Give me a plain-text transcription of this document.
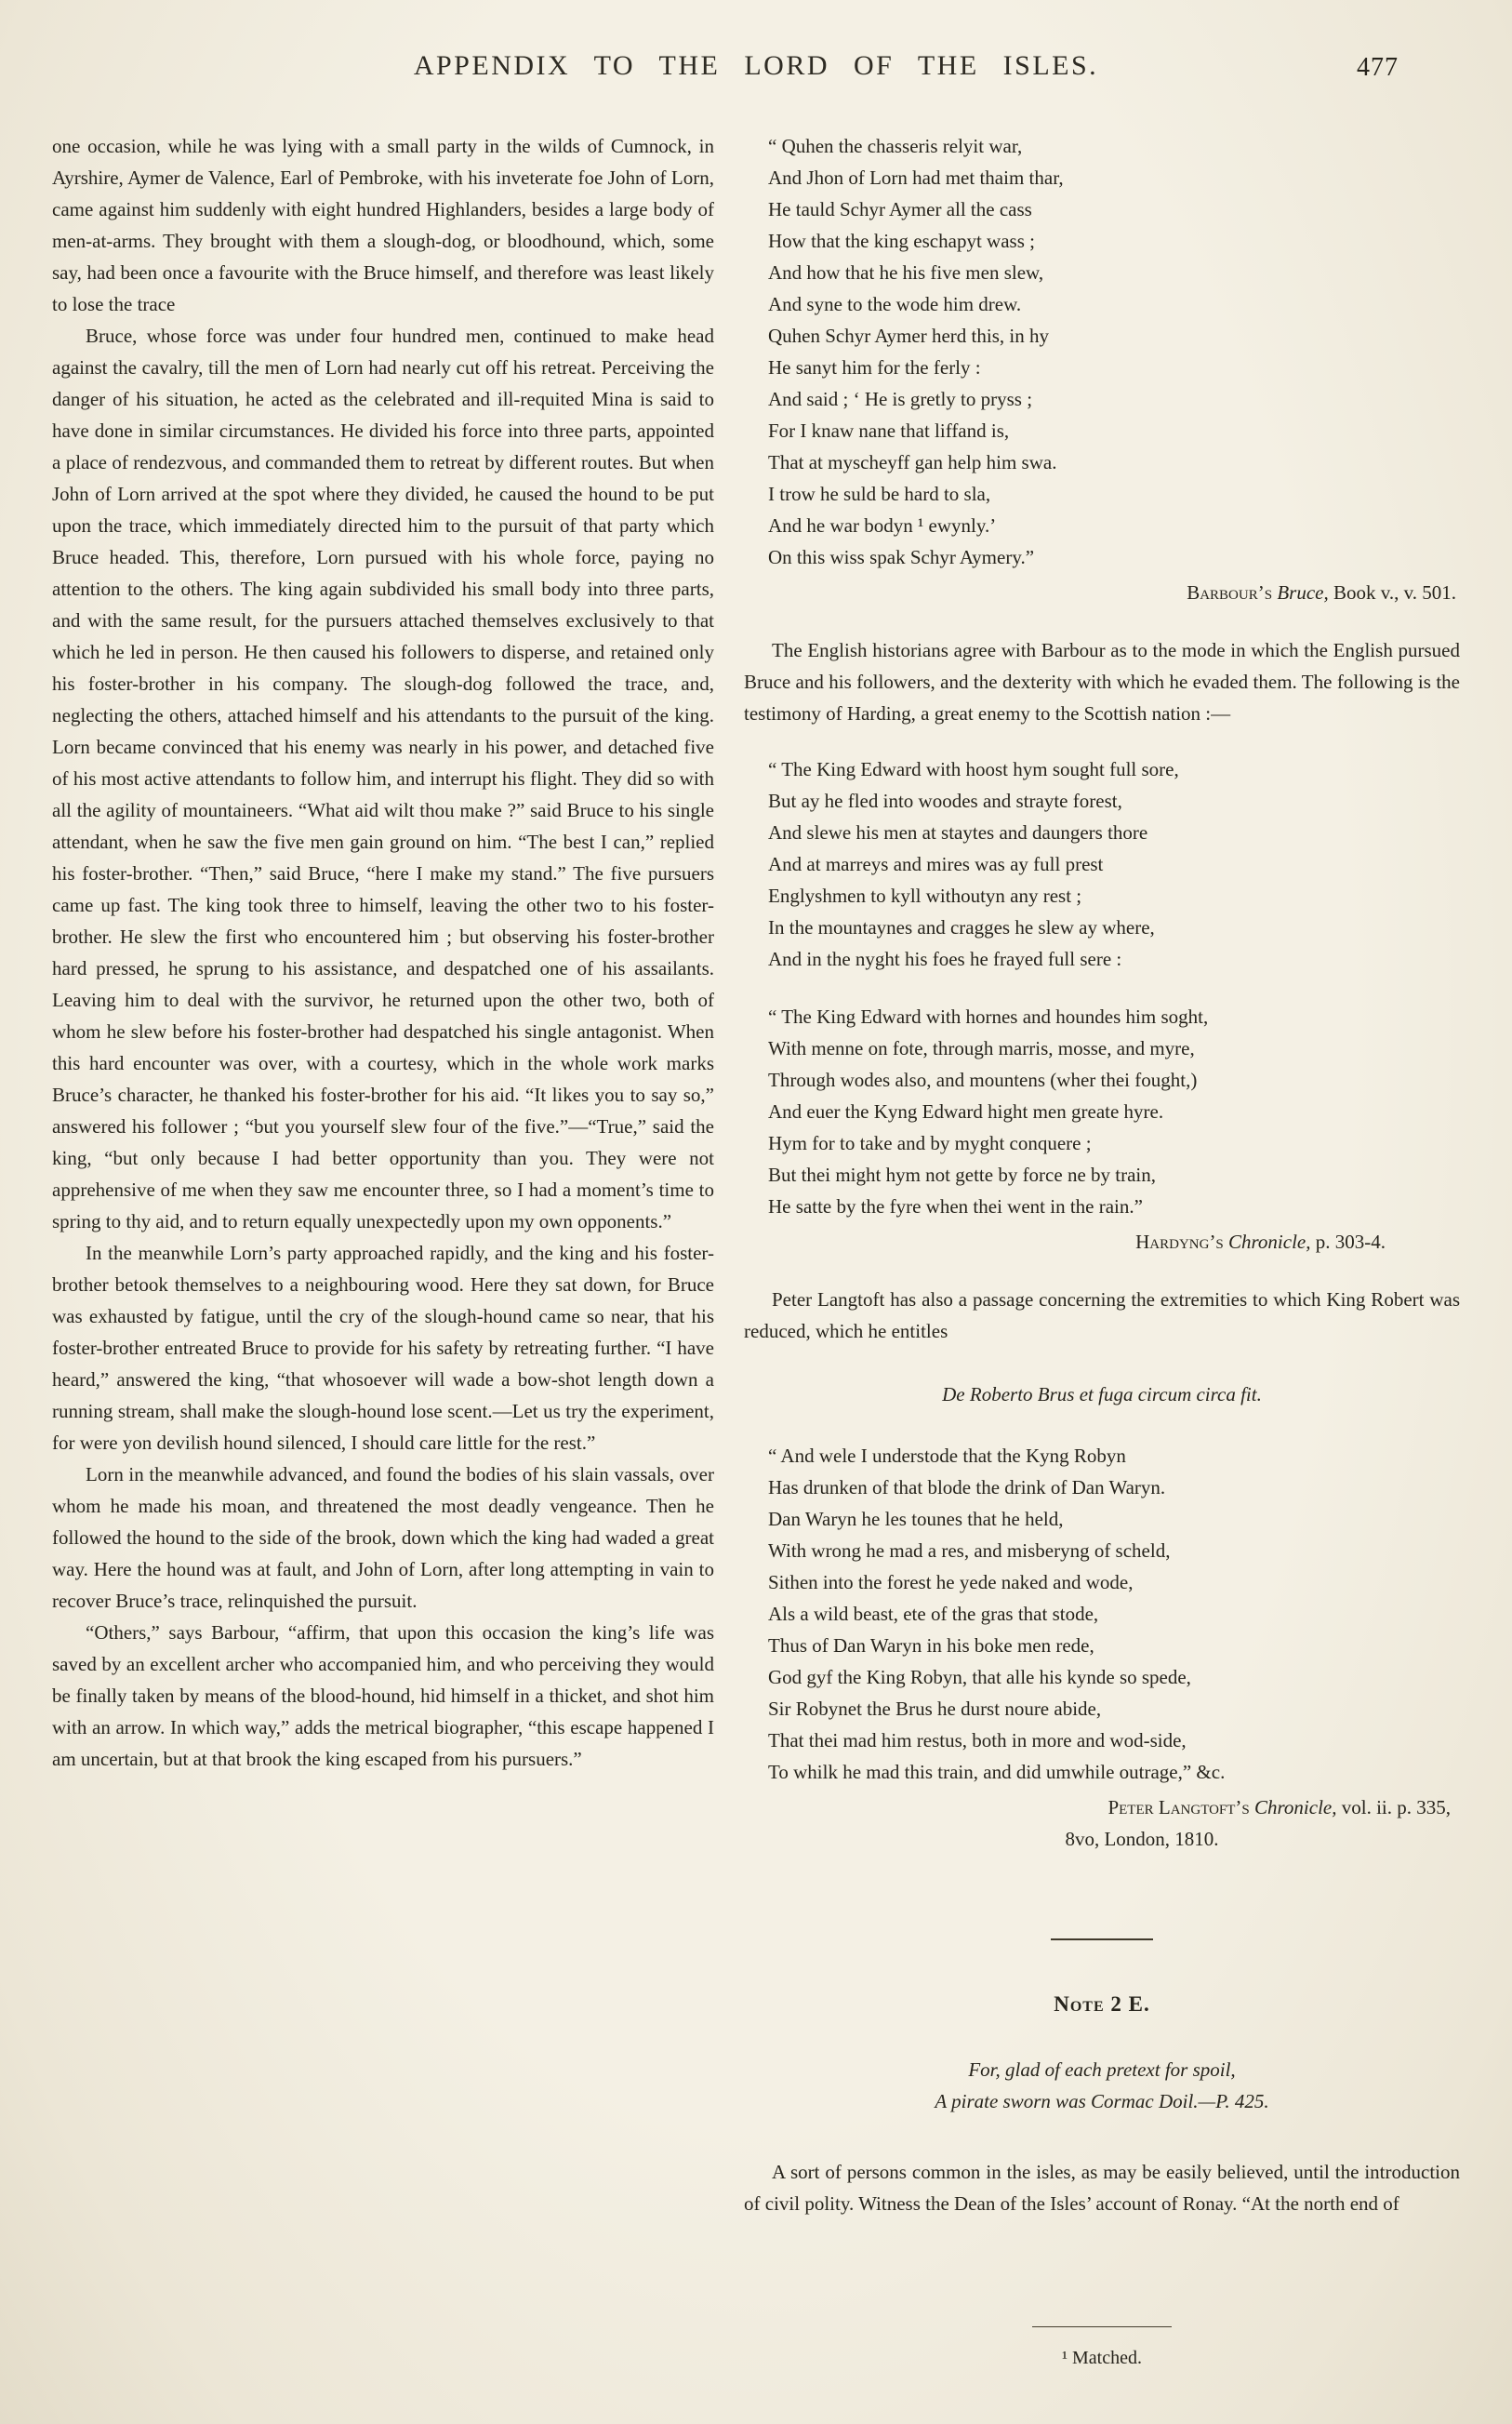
APPENDIX TO THE LORD OF THE ISLES.	477

one occasion, while he was lying with a small party in the wilds of Cumnock, in Ayrshire, Aymer de Valence, Earl of Pembroke, with his inveterate foe John of Lorn, came against him suddenly with eight hundred Highlanders, besides a large body of men-at-arms. They brought with them a slough-dog, or bloodhound, which, some say, had been once a favourite with the Bruce himself, and therefore was least likely to lose the trace

Bruce, whose force was under four hundred men, continued to make head against the cavalry, till the men of Lorn had nearly cut off his retreat. Perceiving the danger of his situation, he acted as the celebrated and ill-requited Mina is said to have done in similar circumstances. He divided his force into three parts, appointed a place of rendezvous, and commanded them to retreat by different routes. But when John of Lorn arrived at the spot where they divided, he caused the hound to be put upon the trace, which immediately directed him to the pursuit of that party which Bruce headed. This, therefore, Lorn pursued with his whole force, paying no attention to the others. The king again subdivided his small body into three parts, and with the same result, for the pursuers attached themselves exclusively to that which he led in person. He then caused his followers to disperse, and retained only his foster-brother in his company. The slough-dog followed the trace, and, neglecting the others, attached himself and his attendants to the pursuit of the king. Lorn became convinced that his enemy was nearly in his power, and detached five of his most active attendants to follow him, and interrupt his flight. They did so with all the agility of mountaineers. “What aid wilt thou make ?” said Bruce to his single attendant, when he saw the five men gain ground on him. “The best I can,” replied his foster-brother. “Then,” said Bruce, “here I make my stand.” The five pursuers came up fast. The king took three to himself, leaving the other two to his foster-brother. He slew the first who encountered him ; but observing his foster-brother hard pressed, he sprung to his assistance, and despatched one of his assailants. Leaving him to deal with the survivor, he returned upon the other two, both of whom he slew before his foster-brother had despatched his single antagonist. When this hard encounter was over, with a courtesy, which in the whole work marks Bruce’s character, he thanked his foster-brother for his aid. “It likes you to say so,” answered his follower ; “but you yourself slew four of the five.”—“True,” said the king, “but only because I had better opportunity than you. They were not apprehensive of me when they saw me encounter three, so I had a moment’s time to spring to thy aid, and to return equally unexpectedly upon my own opponents.”

In the meanwhile Lorn’s party approached rapidly, and the king and his foster-brother betook themselves to a neighbouring wood. Here they sat down, for Bruce was exhausted by fatigue, until the cry of the slough-hound came so near, that his foster-brother entreated Bruce to provide for his safety by retreating further. “I have heard,” answered the king, “that whosoever will wade a bow-shot length down a running stream, shall make the slough-hound lose scent.—Let us try the experiment, for were yon devilish hound silenced, I should care little for the rest.”

Lorn in the meanwhile advanced, and found the bodies of his slain vassals, over whom he made his moan, and threatened the most deadly vengeance. Then he followed the hound to the side of the brook, down which the king had waded a great way. Here the hound was at fault, and John of Lorn, after long attempting in vain to recover Bruce’s trace, relinquished the pursuit.

“Others,” says Barbour, “affirm, that upon this occasion the king’s life was saved by an excellent archer who accompanied him, and who perceiving they would be finally taken by means of the blood-hound, hid himself in a thicket, and shot him with an arrow. In which way,” adds the metrical biographer, “this escape happened I am uncertain, but at that brook the king escaped from his pursuers.”

“ Quhen the chasseris relyit war,
And Jhon of Lorn had met thaim thar,
He tauld Schyr Aymer all the cass
How that the king eschapyt wass ;
And how that he his five men slew,
And syne to the wode him drew.
Quhen Schyr Aymer herd this, in hy
He sanyt him for the ferly :
And said ; ‘ He is gretly to pryss ;
For I knaw nane that liffand is,
That at myscheyff gan help him swa.
I trow he suld be hard to sla,
And he war bodyn ¹ ewynly.’
On this wiss spak Schyr Aymery.”
Barbour’s Bruce, Book v., v. 501.

The English historians agree with Barbour as to the mode in which the English pursued Bruce and his followers, and the dexterity with which he evaded them. The following is the testimony of Harding, a great enemy to the Scottish nation :—

“ The King Edward with hoost hym sought full sore,
But ay he fled into woodes and strayte forest,
And slewe his men at staytes and daungers thore
And at marreys and mires was ay full prest
Englyshmen to kyll withoutyn any rest ;
In the mountaynes and cragges he slew ay where,
And in the nyght his foes he frayed full sere :
“ The King Edward with hornes and houndes him soght,
With menne on fote, through marris, mosse, and myre,
Through wodes also, and mountens (wher thei fought,)
And euer the Kyng Edward hight men greate hyre.
Hym for to take and by myght conquere ;
But thei might hym not gette by force ne by train,
He satte by the fyre when thei went in the rain.”
Hardyng’s Chronicle, p. 303-4.

Peter Langtoft has also a passage concerning the extremities to which King Robert was reduced, which he entitles

De Roberto Brus et fuga circum circa fit.
“ And wele I understode that the Kyng Robyn
Has drunken of that blode the drink of Dan Waryn.
Dan Waryn he les tounes that he held,
With wrong he mad a res, and misberyng of scheld,
Sithen into the forest he yede naked and wode,
Als a wild beast, ete of the gras that stode,
Thus of Dan Waryn in his boke men rede,
God gyf the King Robyn, that alle his kynde so spede,
Sir Robynet the Brus he durst noure abide,
That thei mad him restus, both in more and wod-side,
To whilk he mad this train, and did umwhile outrage,” &c.
Peter Langtoft’s Chronicle, vol. ii. p. 335,
8vo, London, 1810.
Note 2 E.
For, glad of each pretext for spoil,
A pirate sworn was Cormac Doil.—P. 425.

A sort of persons common in the isles, as may be easily believed, until the introduction of civil polity. Witness the Dean of the Isles’ account of Ronay. “At the north end of

¹ Matched.
